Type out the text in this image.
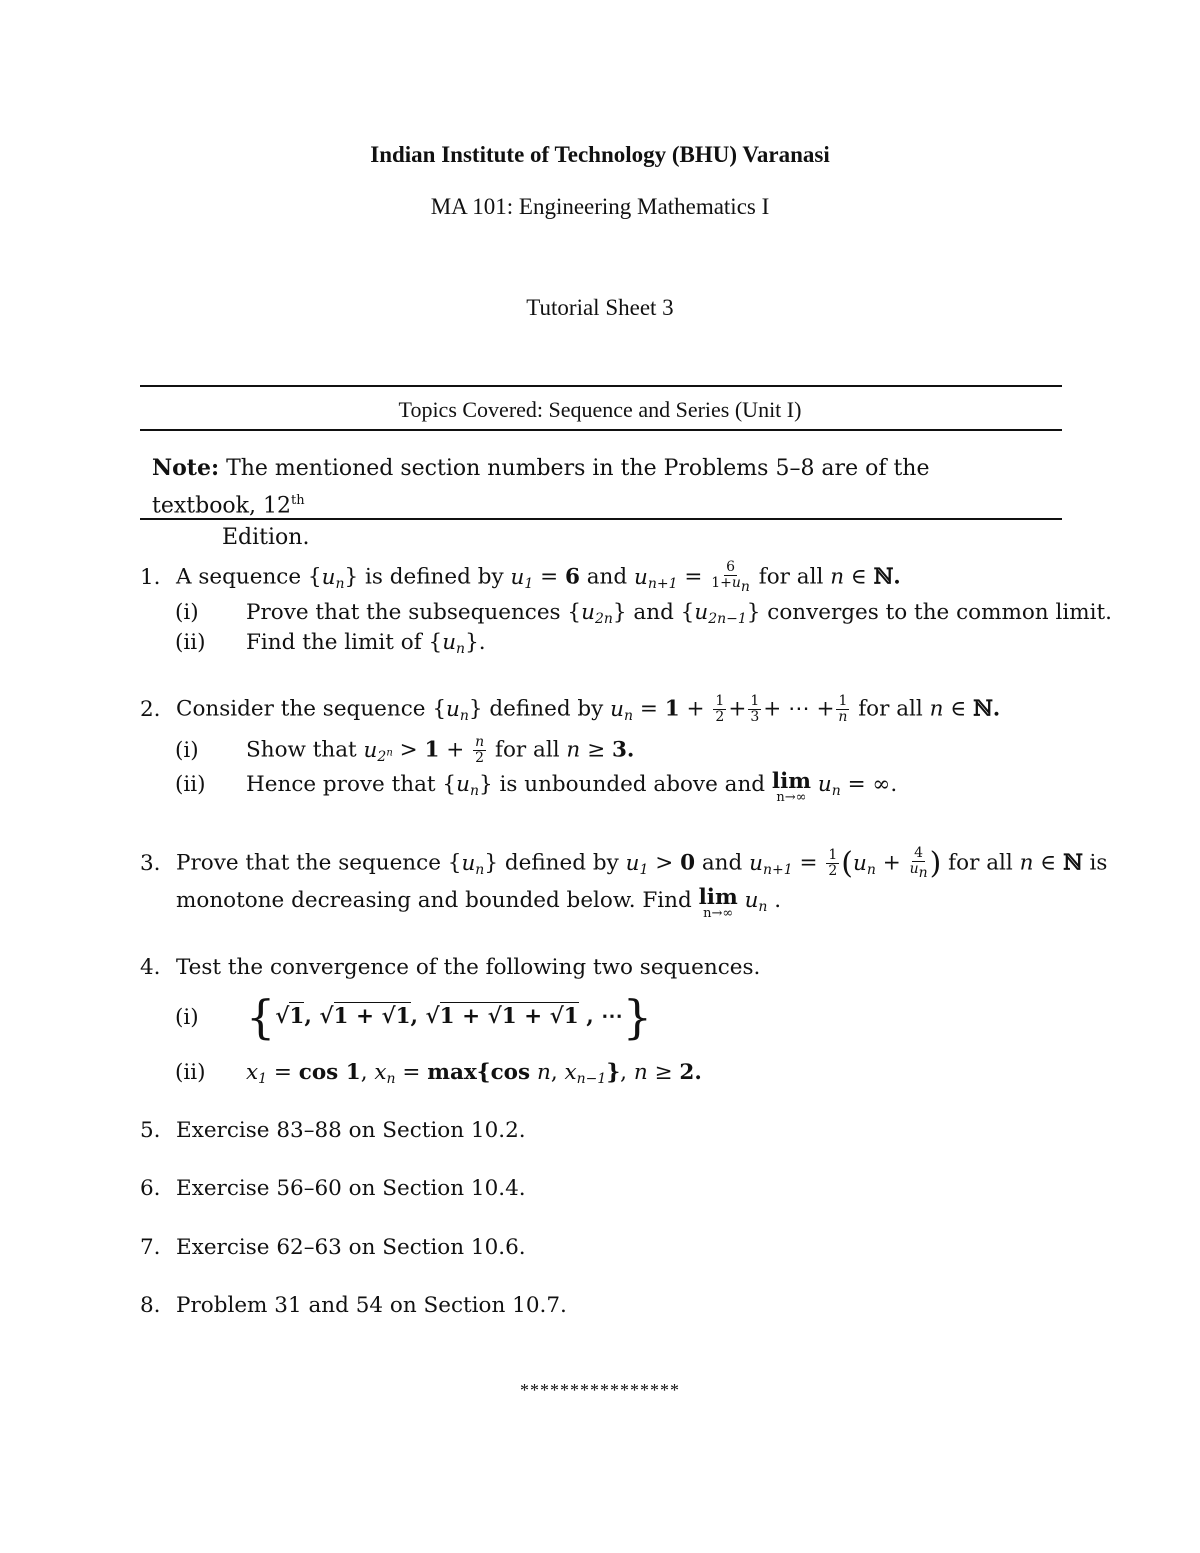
Indian Institute of Technology (BHU) Varanasi
MA 101: Engineering Mathematics I
Tutorial Sheet 3
Topics Covered: Sequence and Series (Unit I)
Note: The mentioned section numbers in the Problems 5–8 are of the textbook, 12th
Edition.
1. A sequence {un} is defined by u1 = 6 and $un+1 = \frac{6}{1+un}$ for all n ∈ ℕ.
(i) Prove that the subsequences {u2n} and {u2n−1} converges to the common limit.
(ii) Find the limit of {un}.
2. Consider the sequence {un} defined by un = $1 + \frac{1}{2} + \frac{1}{3}$ + ⋯ + $\frac{1}{n}$ for all n ∈ ℕ.
(i) Show that $u2^n > 1 + \frac{n}{2}$ for all n ≥ 3.
(ii) Hence prove that {un} is unbounded above and lim
n→∞
un = ∞.
3. Prove that the sequence {un} defined by u1 > 0 and $un+1 = \frac{1}{2} (un + \frac{4}{un}$ ) for all n ∈ ℕ is
monotone decreasing and bounded below. Find lim
n→∞
un .
4. Test the convergence of the following two sequences.
(i) {√1, √1 + √1, √1 + √1 + √1 , ⋯}
(ii) x1 = cos 1, xn = max{cos n, xn−1}, n ≥ 2.
5. Exercise 83–88 on Section 10.2.
6. Exercise 56–60 on Section 10.4.
7. Exercise 62–63 on Section 10.6.
8. Problem 31 and 54 on Section 10.7.
****************
